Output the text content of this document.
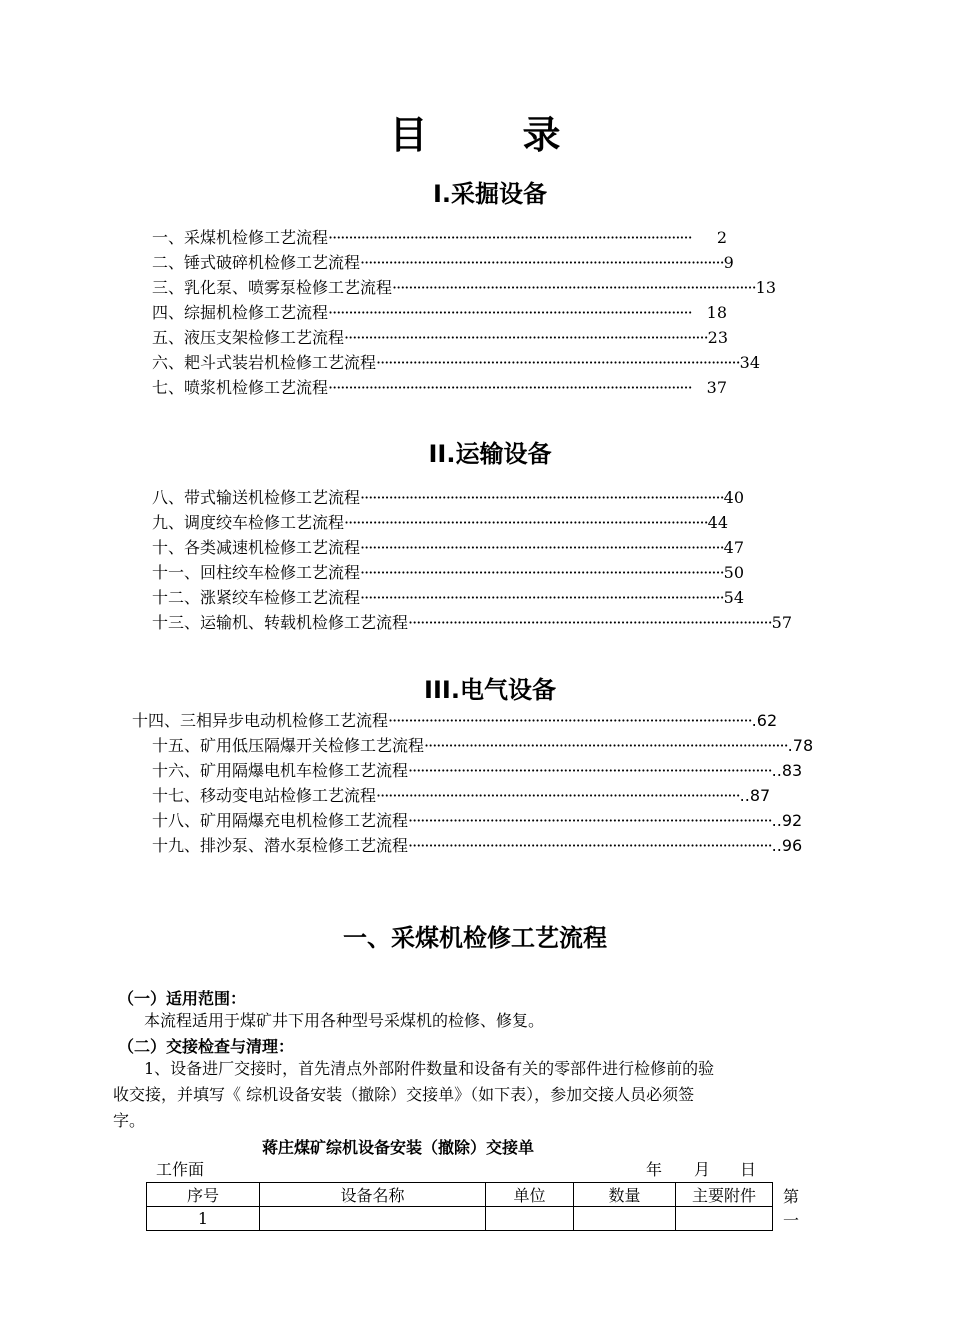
目	录
I.采掘设备
一、采煤机检修工艺流程 ·························································································	2
二、锤式破碎机检修工艺流程 ························································································· 9
三、乳化泵、喷雾泵检修工艺流程 ························································································· 13
四、综掘机检修工艺流程 ························································································· 18
五、液压支架检修工艺流程 ························································································· 23
六、耙斗式装岩机检修工艺流程 ························································································· 34
七、喷浆机检修工艺流程 ························································································· 37
II.运输设备
八、带式输送机检修工艺流程 ························································································· 40
九、调度绞车检修工艺流程 ························································································· 44
十、各类减速机检修工艺流程 ························································································· 47
十一、回柱绞车检修工艺流程 ························································································· 50
十二、涨紧绞车检修工艺流程 ························································································· 54
十三、运输机、转载机检修工艺流程 ························································································· 57
III.电气设备
十四、三相异步电动机检修工艺流程 ························································································· .62
十五、矿用低压隔爆开关检修工艺流程 ························································································· .78
十六、矿用隔爆电机车检修工艺流程 ························································································· ..83
十七、移动变电站检修工艺流程 ························································································· ..87
十八、矿用隔爆充电机检修工艺流程 ························································································· ..92
十九、排沙泵、潜水泵检修工艺流程 ························································································· ..96
一、采煤机检修工艺流程
（一）适用范围：
本流程适用于煤矿井下用各种型号采煤机的检修、修复。
（二）交接检查与清理：
1、设备进厂交接时，首先清点外部附件数量和设备有关的零部件进行检修前的验
收交接，并填写《 综机设备安装（撤除）交接单》（如下表），参加交接人员必须签
字。
蒋庄煤矿综机设备安装（撤除）交接单
工作面	年 月 日
序号	设备名称	单位	数量	主要附件
1				
第
一
